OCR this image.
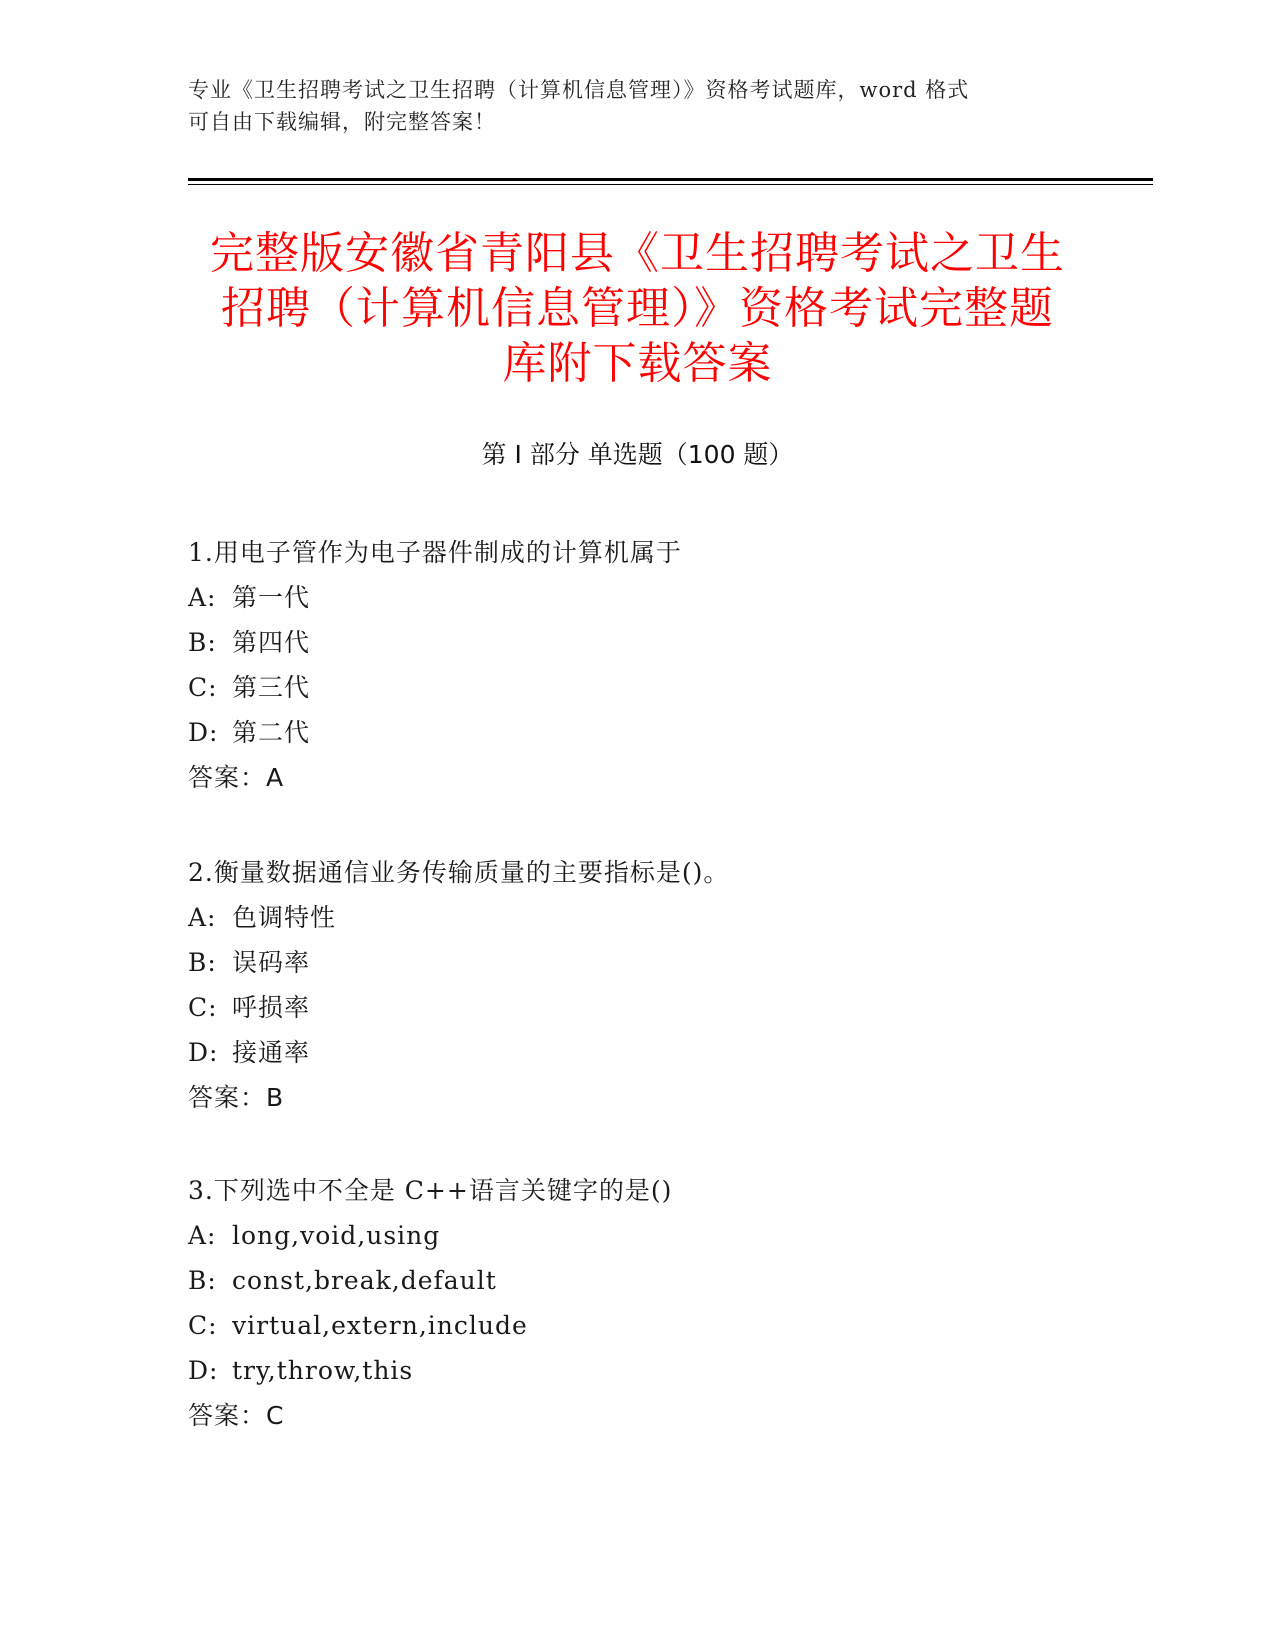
专业《卫生招聘考试之卫生招聘（计算机信息管理）》资格考试题库，word 格式
可自由下载编辑，附完整答案！
完整版安徽省青阳县《卫生招聘考试之卫生
招聘（计算机信息管理）》资格考试完整题
库附下载答案
第 I 部分 单选题（100 题）
1.用电子管作为电子器件制成的计算机属于
A: 第一代
B: 第四代
C: 第三代
D: 第二代
答案：A
2.衡量数据通信业务传输质量的主要指标是()。
A: 色调特性
B: 误码率
C: 呼损率
D: 接通率
答案：B
3.下列选中不全是 C++语言关键字的是()
A: long,void,using
B: const,break,default
C: virtual,extern,include
D: try,throw,this
答案：C
